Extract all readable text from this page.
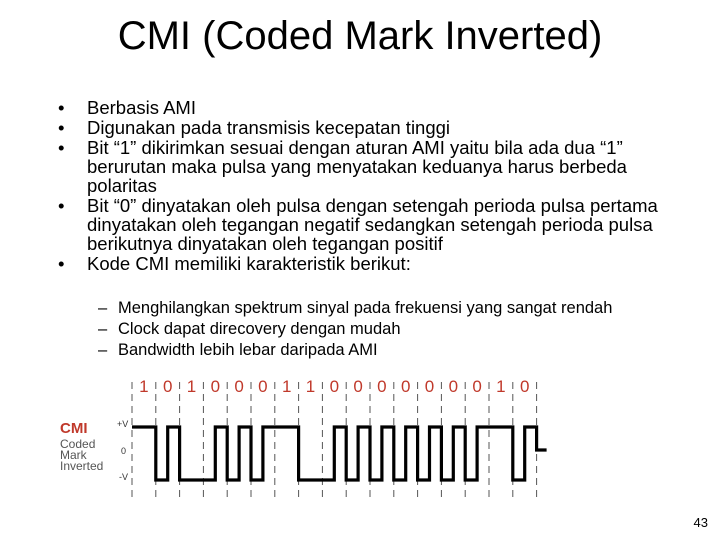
CMI (Coded Mark Inverted)
• Berbasis AMI
• Digunakan pada transmisis kecepatan tinggi
• Bit “1” dikirimkan sesuai dengan aturan AMI yaitu bila ada dua “1” berurutan maka pulsa yang menyatakan keduanya harus berbeda polaritas
• Bit “0” dinyatakan oleh pulsa dengan setengah perioda pulsa pertama dinyatakan oleh tegangan negatif sedangkan setengah perioda pulsa berikutnya dinyatakan oleh tegangan positif
• Kode CMI memiliki karakteristik berikut:
– Menghilangkan spektrum sinyal pada frekuensi yang sangat rendah
– Clock dapat direcovery dengan mudah
– Bandwidth lebih lebar daripada AMI
CMI
Coded
Mark
Inverted
+V
0
-V
1 0 1 0 0 0 1 1 0 0 0 0 0 0 0 1 0
43
